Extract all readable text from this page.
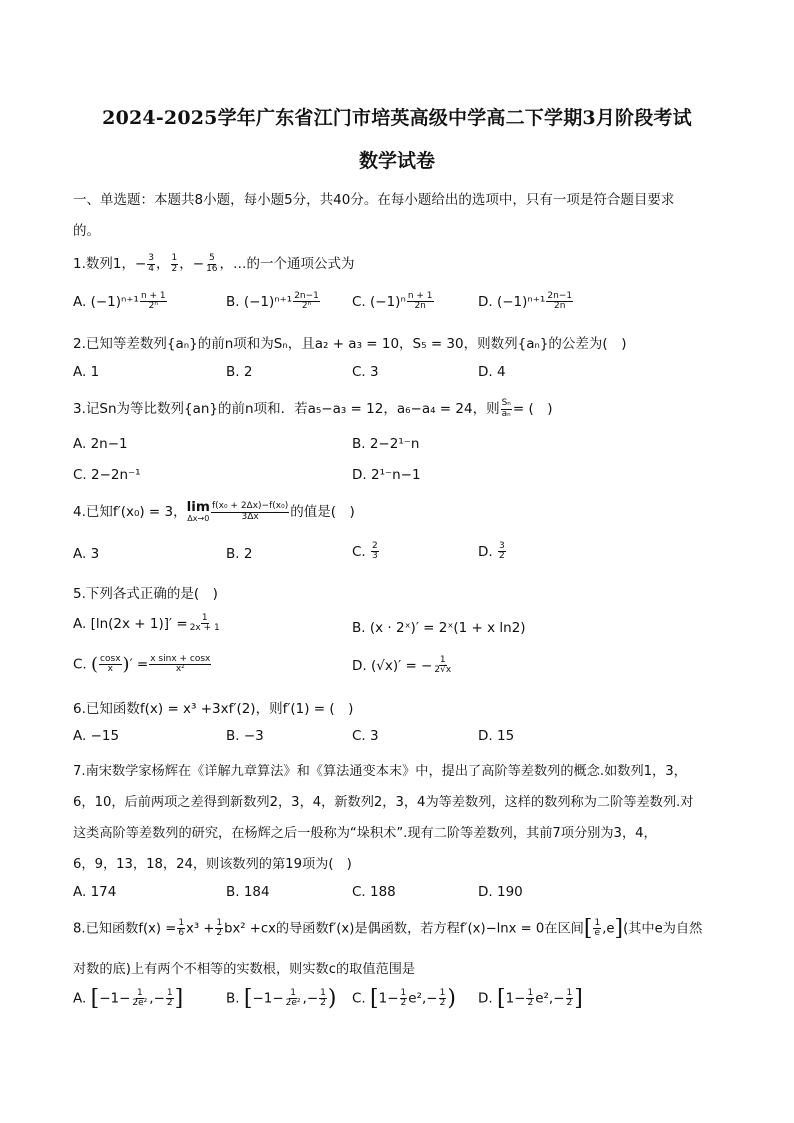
2024-2025学年广东省江门市培英高级中学高二下学期3月阶段考试
数学试卷
一、单选题：本题共8小题，每小题5分，共40分。在每小题给出的选项中，只有一项是符合题目要求
的。
1.数列1，− $\frac{3}{4}$ ， $\frac{1}{2}$ ，− $\frac{5}{16}$ ，…的一个通项公式为
A. $(-1)^{n+1} \frac{n + 1}{\text{2ⁿ}}$	B. $(-1)^{n+1} \frac{2n-1}{\text{2ⁿ}} C$. $(-1)^n \frac{n + 1}{2n}$	D. $(-1)^{n+1} \frac{2n-1}{2n}$
2.已知等差数列{aₙ}的前n项和为Sₙ，且a₂ + a₃ = 10，S₅ = 30，则数列{aₙ}的公差为(　)
A. 1	B. 2	C. 3	D. 4
3.记Sn为等比数列{an}的前n项和．若a₅−a₃ = 12，a₆−a₄ = 24，则 $\frac{\text{Sₙ}}{\text{aₙ}}$ = (　)
A. 2n−1	B. 2−2¹⁻n
C. 2−2n⁻¹	D. 2¹⁻n−1
4.已知f′(x₀) = 3， lim
$\Delta x\to 0 \frac{\text{f(x₀ + 2Δx)−f(x₀)}}{3\Delta x}$ 的值是(　)
A. 3	B. 2	C. $\frac{2}{3}$	D. $\frac{3}{2}$
5.下列各式正确的是(　)
A. $[\ln(2x + 1)]' = \frac{1}{2x + 1}$	B. (x · 2ˣ)′ = 2ˣ(1 + x ln2)
C. ( $\frac{\cos x}{x}$ )′ = $\frac{\text{x sinx + cosx}}{\text{x²}}$	D. (√x)′ = − $\frac{1}{2√x}$
6.已知函数f(x) = x³ +3xf′(2)，则f′(1) = (　)
A. −15	B. −3	C. 3	D. 15
7.南宋数学家杨辉在《详解九章算法》和《算法通变本末》中，提出了高阶等差数列的概念.如数列1，3，
6，10，后前两项之差得到新数列2，3，4，新数列2，3，4为等差数列，这样的数列称为二阶等差数列.对
这类高阶等差数列的研究，在杨辉之后一般称为“垛积术”.现有二阶等差数列，其前7项分别为3，4，
6，9，13，18，24，则该数列的第19项为(　)
A. 174	B. 184	C. 188	D. 190
8.已知函数$f(x) = \frac{1}{6} x^3 + \frac{1}{2} bx^2 +cx$的导函数f′(x)是偶函数，若方程f′(x)−lnx = 0在区间[ $\frac{1}{e} ,e$](其中e为自然
对数的底)上有两个不相等的实数根，则实数c的取值范围是
A. [$-1- \frac{1}{\text{2e²}}$ ,− $\frac{1}{2}$ ]	B. [$-1- \frac{1}{\text{2e²}}$ ,− $\frac{1}{2}$ ) C. [$1- \frac{1}{2} e^2,- \frac{1}{2}$ ) D. [$1- \frac{1}{2} e^2,- \frac{1}{2}$ ]
